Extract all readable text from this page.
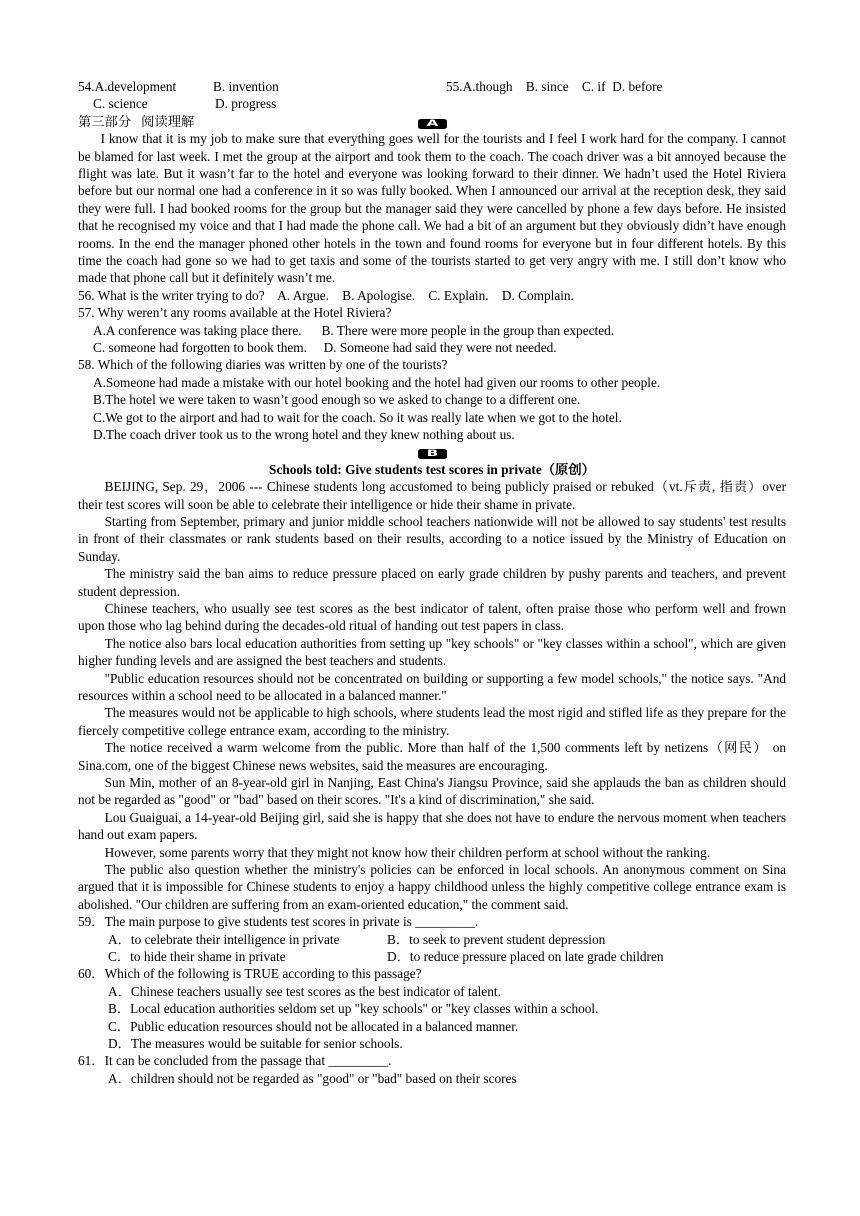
54.A.development	B. invention	55.A.though    B. since    C. if  D. before
C. science	D. progress
第三部分   阅读理解	A

I know that it is my job to make sure that everything goes well for the tourists and I feel I work hard for the company. I cannot be blamed for last week. I met the group at the airport and took them to the coach. The coach driver was a bit annoyed because the flight was late. But it wasn’t far to the hotel and everyone was looking forward to their dinner. We hadn’t used the Hotel Riviera before but our normal one had a conference in it so was fully booked. When I announced our arrival at the reception desk, they said they were full. I had booked rooms for the group but the manager said they were cancelled by phone a few days before. He insisted that he recognised my voice and that I had made the phone call. We had a bit of an argument but they obviously didn’t have enough rooms. In the end the manager phoned other hotels in the town and found rooms for everyone but in four different hotels. By this time the coach had gone so we had to get taxis and some of the tourists started to get very angry with me. I still don’t know who made that phone call but it definitely wasn’t me.

56. What is the writer trying to do?    A. Argue.    B. Apologise.    C. Explain.    D. Complain.
57. Why weren’t any rooms available at the Hotel Riviera?
A.A conference was taking place there.      B. There were more people in the group than expected.
C. someone had forgotten to book them.     D. Someone had said they were not needed.
58. Which of the following diaries was written by one of the tourists?
A.Someone had made a mistake with our hotel booking and the hotel had given our rooms to other people.
B.The hotel we were taken to wasn’t good enough so we asked to change to a different one.
C.We got to the airport and had to wait for the coach. So it was really late when we got to the hotel.
D.The coach driver took us to the wrong hotel and they knew nothing about us.
B
Schools told: Give students test scores in private（原创）

BEIJING, Sep. 29，2006 --- Chinese students long accustomed to being publicly praised or rebuked（vt.斥责, 指责）over their test scores will soon be able to celebrate their intelligence or hide their shame in private.

Starting from September, primary and junior middle school teachers nationwide will not be allowed to say students' test results in front of their classmates or rank students based on their results, according to a notice issued by the Ministry of Education on Sunday.

The ministry said the ban aims to reduce pressure placed on early grade children by pushy parents and teachers, and prevent student depression.

Chinese teachers, who usually see test scores as the best indicator of talent, often praise those who perform well and frown upon those who lag behind during the decades-old ritual of handing out test papers in class.

The notice also bars local education authorities from setting up "key schools" or "key classes within a school", which are given higher funding levels and are assigned the best teachers and students.

"Public education resources should not be concentrated on building or supporting a few model schools," the notice says. "And resources within a school need to be allocated in a balanced manner."

The measures would not be applicable to high schools, where students lead the most rigid and stifled life as they prepare for the fiercely competitive college entrance exam, according to the ministry.

The notice received a warm welcome from the public. More than half of the 1,500 comments left by netizens（网民） on Sina.com, one of the biggest Chinese news websites, said the measures are encouraging.

Sun Min, mother of an 8-year-old girl in Nanjing, East China's Jiangsu Province, said she applauds the ban as children should not be regarded as "good" or "bad" based on their scores. "It's a kind of discrimination," she said.

Lou Guaiguai, a 14-year-old Beijing girl, said she is happy that she does not have to endure the nervous moment when teachers hand out exam papers.

However, some parents worry that they might not know how their children perform at school without the ranking.

The public also question whether the ministry's policies can be enforced in local schools. An anonymous comment on Sina argued that it is impossible for Chinese students to enjoy a happy childhood unless the highly competitive college entrance exam is abolished. "Our children are suffering from an exam-oriented education," the comment said.

59．The main purpose to give students test scores in private is _________.
A．to celebrate their intelligence in private	B．to seek to prevent student depression
C．to hide their shame in private	D．to reduce pressure placed on late grade children
60．Which of the following is TRUE according to this passage?
A．Chinese teachers usually see test scores as the best indicator of talent.
B．Local education authorities seldom set up "key schools" or "key classes within a school.
C．Public education resources should not be allocated in a balanced manner.
D．The measures would be suitable for senior schools.
61．It can be concluded from the passage that _________.
A．children should not be regarded as "good" or "bad" based on their scores
